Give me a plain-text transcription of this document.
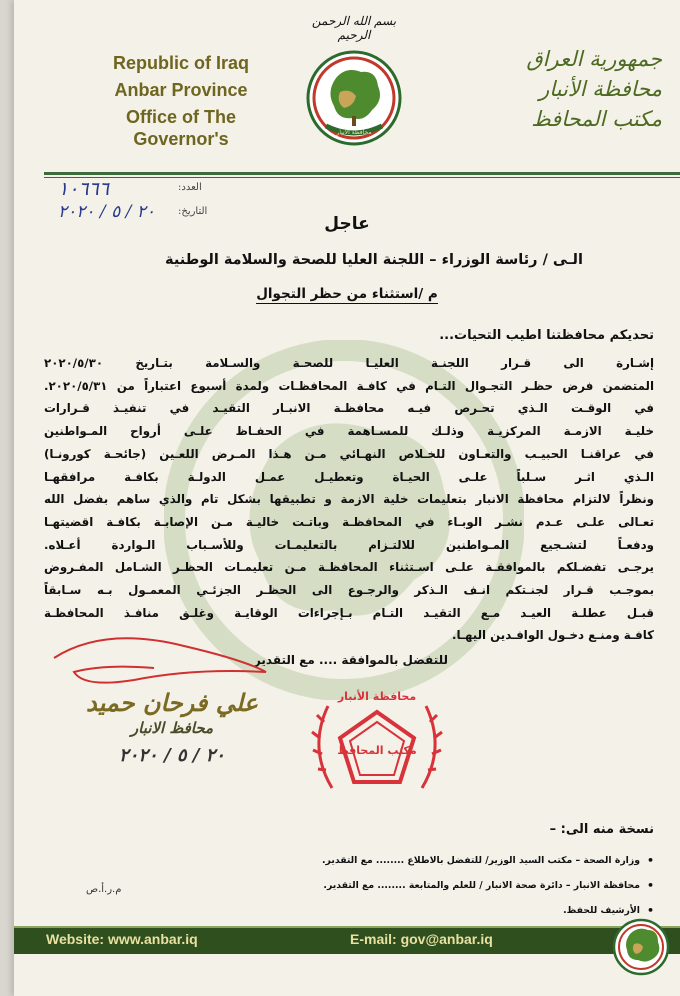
بسم الله الرحمن الرحيم
Republic of Iraq
Anbar Province
Office of The Governor's	محافظة الأنبار
جمهورية العراق
محافظة الأنبار
مكتب المحافظ
١٠٦٦٦	العدد:
٢٠ / ٥ / ٢٠٢٠ التاريخ:
عاجل
الـى / رئاسة الوزراء – اللجنة العليا للصحة والسلامة الوطنية
م /استثناء من حظر التجوال
تحديكم محافظتنا اطيب التحيات...
إشـارة الى قـرار اللجنـة العليـا للصحـة والسـلامة بتـاريخ ٢٠٢٠/٥/٣٠
المتضمن فرض حظـر التجـوال التـام في كافـة المحافظـات ولمدة أسبوع اعتباراً من ٢٠٢٠/٥/٣١.
في الوقـت الـذي تحـرص فيـه محافظـة الانبـار التقيـد في تنفيـذ قـرارات
خليـة الازمـة المركزيـة وذلـك للمسـاهمة في الحفـاظ علـى أرواح المـواطنين
في عراقنـا الحبيـب والتعـاون للخـلاص النهـائي مـن هـذا المـرض اللعـين (جائحـة كورونـا)
الـذي اثـر سـلباً علـى الحيـاة وتعطيـل عمـل الدولـة بكافـة مرافقهـا
ونظراً لالتزام محافظة الانبار بتعليمات خلية الازمة و تطبيقها بشكل تام والذي ساهم بفضل الله
تعـالى علـى عـدم نشـر الوبـاء في المحافظـة وباتـت خاليـة مـن الإصابـة بكافـة اقضيتهـا
ودفعـاً لتشـجيع المـواطنين للالتـزام بالتعليمـات وللأسـباب الـواردة أعـلاه.
يرجـى تفضـلكم بالموافقـة علـى اسـتثناء المحافظـة مـن تعليمـات الحظـر الشـامل المفـروض
بموجـب قـرار لجنـتكم انـف الـذكر والرجـوع الى الحظـر الجزئـي المعمـول بـه سـابقاً
قبـل عطلـة العيـد مـع التقيـد التـام بـإجراءات الوقايـة وغلـق منافـذ المحافظـة
كافـة ومنـع دخـول الوافـدين اليهـا.
للتفضل بالموافقة .... مع التقدير
علي فرحان حميد
محافظ الانبار
٢٠ / ٥ / ٢٠٢٠
محافظة الأنبار
مكتب المحافظ
نسخة منه الى: –
• وزارة الصحة – مكتب السيد الوزير/ للتفضل بالاطلاع ........ مع التقدير.
• محافظة الانبار – دائرة صحة الانبار / للعلم والمتابعة ........ مع التقدير.
• الأرشيف للحفظ.
م.ر.أ.ص
Website: www.anbar.iq	E-mail: gov@anbar.iq
